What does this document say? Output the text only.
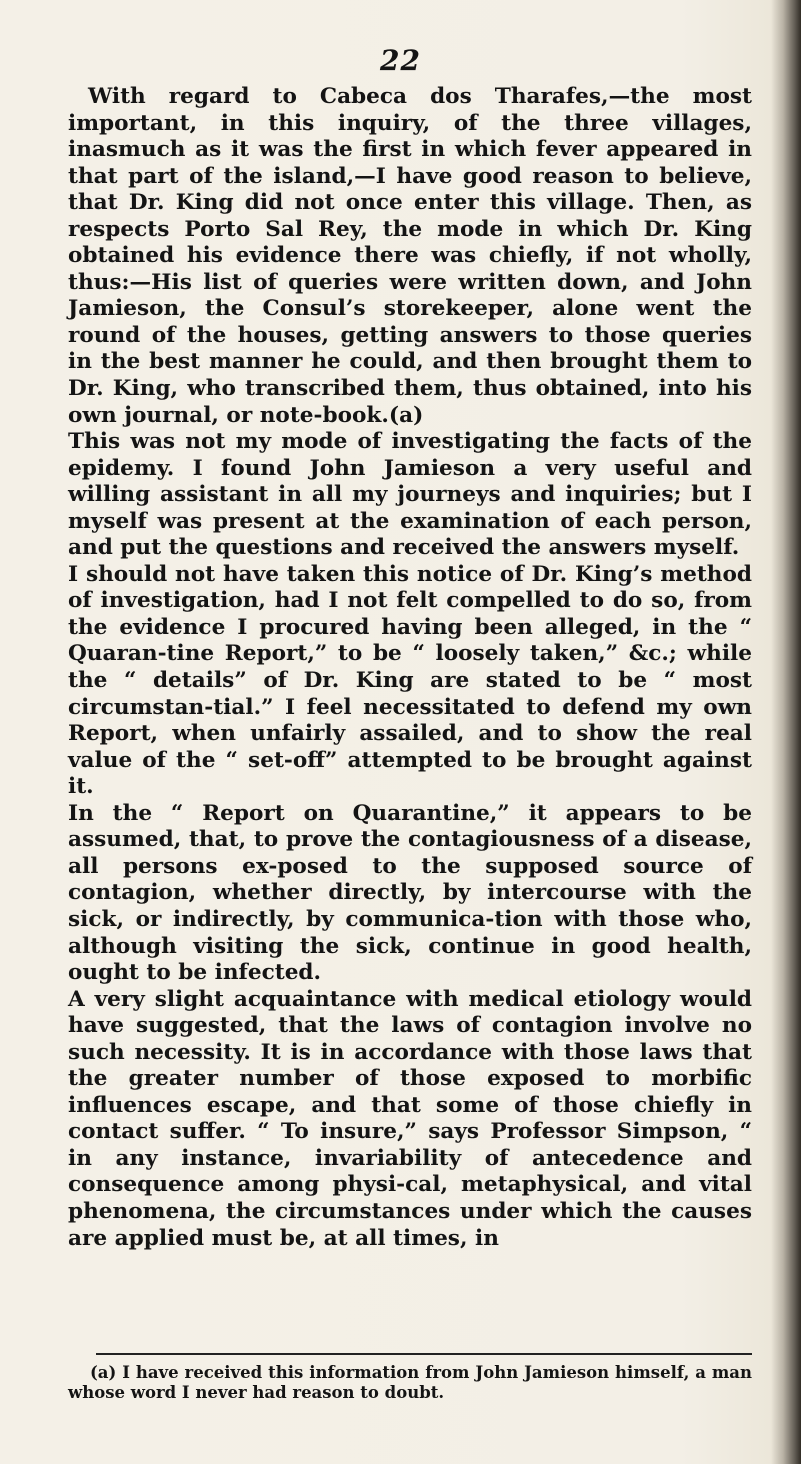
22

With regard to Cabeca dos Tharafes,—the most important, in this inquiry, of the three villages, inasmuch as it was the first in which fever appeared in that part of the island,—I have good reason to believe, that Dr. King did not once enter this village. Then, as respects Porto Sal Rey, the mode in which Dr. King obtained his evidence there was chiefly, if not wholly, thus:—His list of queries were written down, and John Jamieson, the Consul’s storekeeper, alone went the round of the houses, getting answers to those queries in the best manner he could, and then brought them to Dr. King, who transcribed them, thus obtained, into his own journal, or note-book.(a)

This was not my mode of investigating the facts of the epidemy. I found John Jamieson a very useful and willing assistant in all my journeys and inquiries; but I myself was present at the examination of each person, and put the questions and received the answers myself.

I should not have taken this notice of Dr. King’s method of investigation, had I not felt compelled to do so, from the evidence I procured having been alleged, in the “ Quaran-tine Report,” to be “ loosely taken,” &c.; while the “ details” of Dr. King are stated to be “ most circumstan-tial.” I feel necessitated to defend my own Report, when unfairly assailed, and to show the real value of the “ set-off” attempted to be brought against it.

In the “ Report on Quarantine,” it appears to be assumed, that, to prove the contagiousness of a disease, all persons ex-posed to the supposed source of contagion, whether directly, by intercourse with the sick, or indirectly, by communica-tion with those who, although visiting the sick, continue in good health, ought to be infected.

A very slight acquaintance with medical etiology would have suggested, that the laws of contagion involve no such necessity. It is in accordance with those laws that the greater number of those exposed to morbific influences escape, and that some of those chiefly in contact suffer. “ To insure,” says Professor Simpson, “ in any instance, invariability of antecedence and consequence among physi-cal, metaphysical, and vital phenomena, the circumstances under which the causes are applied must be, at all times, in

(a) I have received this information from John Jamieson himself, a man whose word I never had reason to doubt.
